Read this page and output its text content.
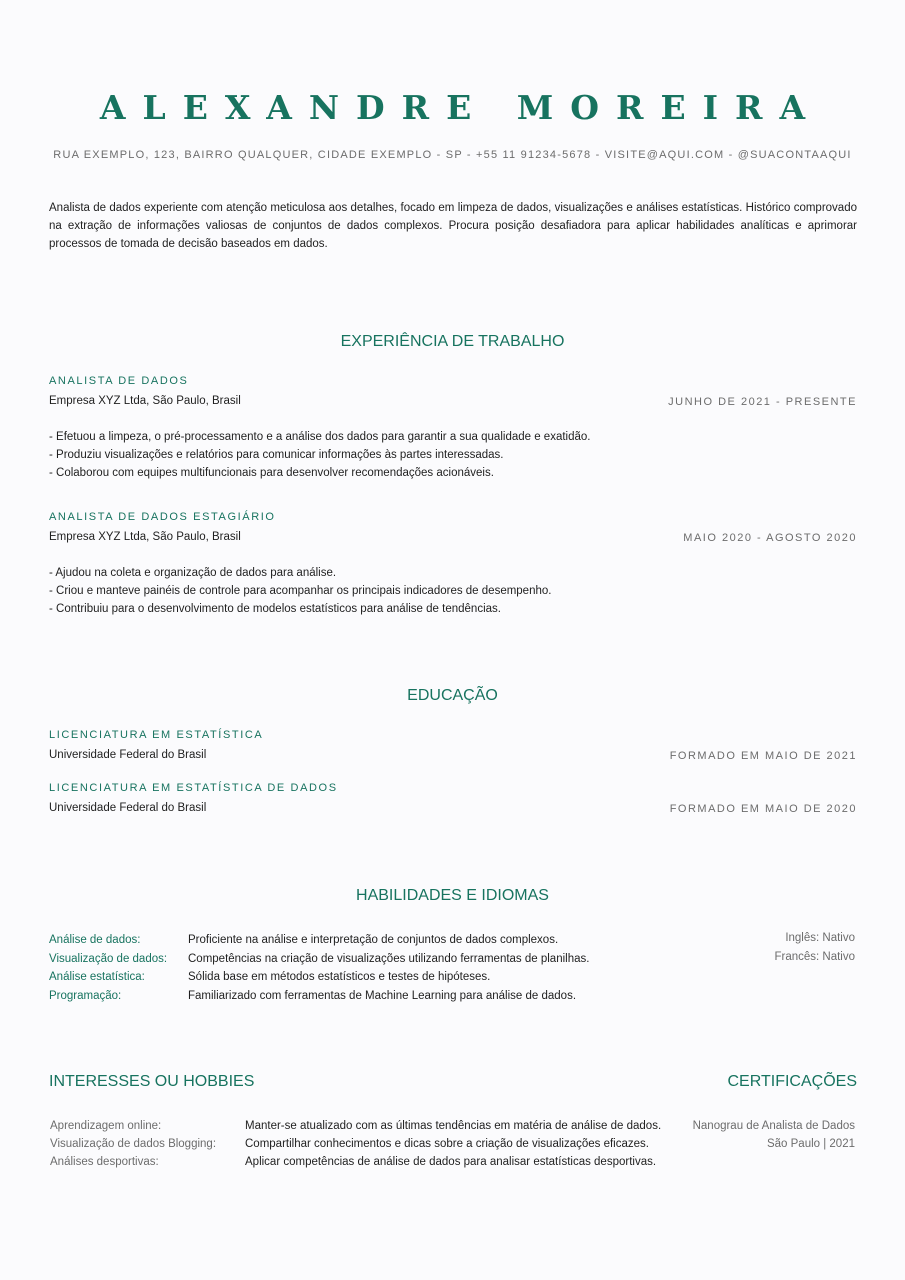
ALEXANDRE MOREIRA
RUA EXEMPLO, 123, BAIRRO QUALQUER, CIDADE EXEMPLO - SP - +55 11 91234-5678 - VISITE@AQUI.COM - @SUACONTAAQUI

Analista de dados experiente com atenção meticulosa aos detalhes, focado em limpeza de dados, visualizações e análises estatísticas. Histórico comprovado na extração de informações valiosas de conjuntos de dados complexos. Procura posição desafiadora para aplicar habilidades analíticas e aprimorar processos de tomada de decisão baseados em dados.

EXPERIÊNCIA DE TRABALHO
ANALISTA DE DADOS
Empresa XYZ Ltda, São Paulo, Brasil	JUNHO DE 2021 - PRESENTE
- Efetuou a limpeza, o pré-processamento e a análise dos dados para garantir a sua qualidade e exatidão.
- Produziu visualizações e relatórios para comunicar informações às partes interessadas.
- Colaborou com equipes multifuncionais para desenvolver recomendações acionáveis.
ANALISTA DE DADOS ESTAGIÁRIO
Empresa XYZ Ltda, São Paulo, Brasil	MAIO 2020 - AGOSTO 2020
- Ajudou na coleta e organização de dados para análise.
- Criou e manteve painéis de controle para acompanhar os principais indicadores de desempenho.
- Contribuiu para o desenvolvimento de modelos estatísticos para análise de tendências.
EDUCAÇÃO
LICENCIATURA EM ESTATÍSTICA
Universidade Federal do Brasil	FORMADO EM MAIO DE 2021
LICENCIATURA EM ESTATÍSTICA DE DADOS
Universidade Federal do Brasil	FORMADO EM MAIO DE 2020
HABILIDADES E IDIOMAS
Análise de dados:	Proficiente na análise e interpretação de conjuntos de dados complexos.
Visualização de dados:	Competências na criação de visualizações utilizando ferramentas de planilhas.
Análise estatística:	Sólida base em métodos estatísticos e testes de hipóteses.
Programação:	Familiarizado com ferramentas de Machine Learning para análise de dados.
Inglês: Nativo
Francês: Nativo
INTERESSES OU HOBBIES
Aprendizagem online:	Manter-se atualizado com as últimas tendências em matéria de análise de dados.
Visualização de dados Blogging:	Compartilhar conhecimentos e dicas sobre a criação de visualizações eficazes.
Análises desportivas:	Aplicar competências de análise de dados para analisar estatísticas desportivas.
CERTIFICAÇÕES
Nanograu de Analista de Dados
São Paulo | 2021
